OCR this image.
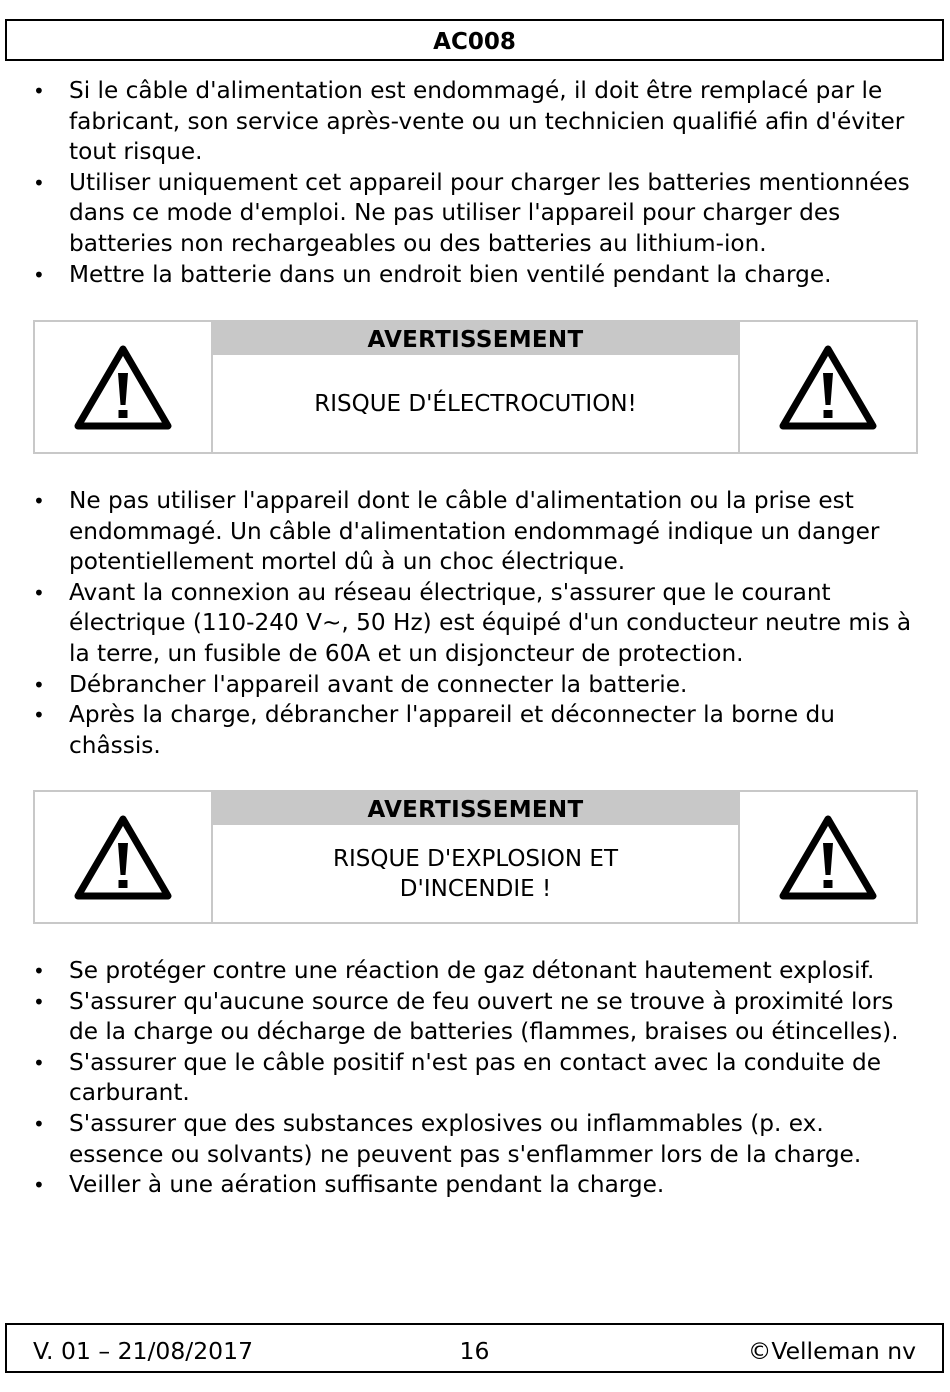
AC008
• Si le câble d'alimentation est endommagé, il doit être remplacé par le fabricant, son service après-vente ou un technicien qualifié afin d'éviter tout risque.
• Utiliser uniquement cet appareil pour charger les batteries mentionnées dans ce mode d'emploi. Ne pas utiliser l'appareil pour charger des batteries non rechargeables ou des batteries au lithium-ion.
• Mettre la batterie dans un endroit bien ventilé pendant la charge.
AVERTISSEMENT
RISQUE D'ÉLECTROCUTION!
• Ne pas utiliser l'appareil dont le câble d'alimentation ou la prise est endommagé. Un câble d'alimentation endommagé indique un danger potentiellement mortel dû à un choc électrique.
• Avant la connexion au réseau électrique, s'assurer que le courant électrique (110-240 V~, 50 Hz) est équipé d'un conducteur neutre mis à la terre, un fusible de 60A et un disjoncteur de protection.
• Débrancher l'appareil avant de connecter la batterie.
• Après la charge, débrancher l'appareil et déconnecter la borne du châssis.
AVERTISSEMENT
RISQUE D'EXPLOSION ET
D'INCENDIE !
• Se protéger contre une réaction de gaz détonant hautement explosif.
• S'assurer qu'aucune source de feu ouvert ne se trouve à proximité lors de la charge ou décharge de batteries (flammes, braises ou étincelles).
• S'assurer que le câble positif n'est pas en contact avec la conduite de carburant.
• S'assurer que des substances explosives ou inflammables (p. ex. essence ou solvants) ne peuvent pas s'enflammer lors de la charge.
• Veiller à une aération suffisante pendant la charge.
V. 01 – 21/08/2017	16	©Velleman nv
